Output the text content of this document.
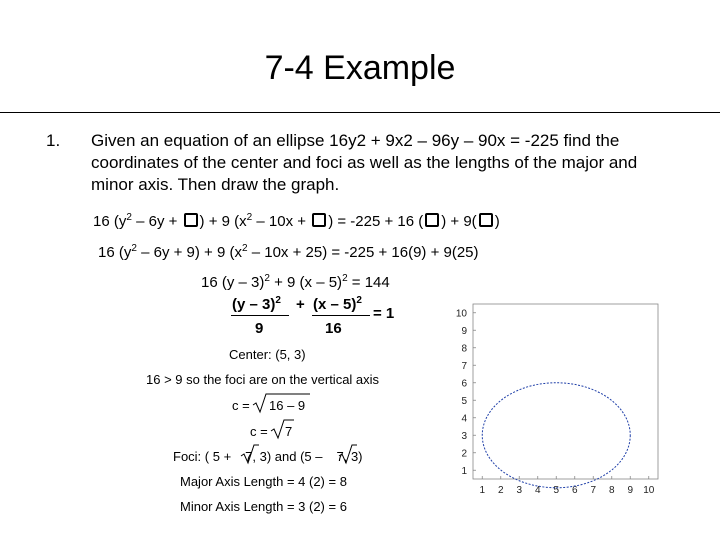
7-4 Example
1. Given an equation of an ellipse 16y2 + 9x2 – 96y – 90x = -225 find the
coordinates of the center and foci as well as the lengths of the major and
minor axis. Then draw the graph.
16 ($y^2 - 6y$ + ) + 9 ($x^2 - 10x$ + ) = -225 + 16 ( ) + 9( )
16 $(y^2 - 6y + 9) + 9$ $(x^2 - 10x + 25) = -225 + 16(9) + 9(25)$
16 (y – 3)$^2$ + 9 (x – 5)$^2$ = 144
(y – 3)$^2$ + (x – 5)$^2$
= 1
9	16
Center: (5, 3)
16 > 9 so the foci are on the vertical axis
c = 16 – 9
c = 7
Foci: ( 5 + 7, 3) and (5 – 7, 3)
Major Axis Length = 4 (2) = 8
Minor Axis Length = 3 (2) = 6
1 2 3 4 5 6 7 8 9 10
1
2
3
4
5
6
7
8
9
10
